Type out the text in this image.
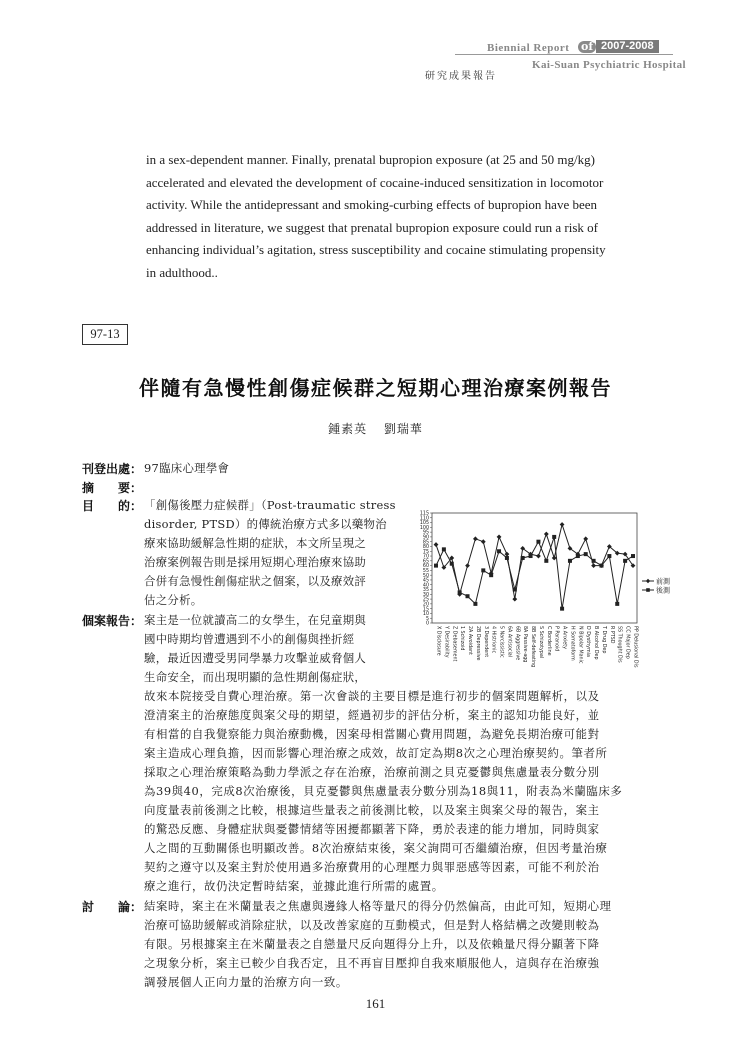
Biennial Report of 2007-2008
Kai-Suan Psychiatric Hospital
研究成果報告

in a sex-dependent manner. Finally, prenatal bupropion exposure (at 25 and 50 mg/kg)

accelerated and elevated the development of cocaine-induced sensitization in locomotor

activity. While the antidepressant and smoking-curbing effects of bupropion have been

addressed in literature, we suggest that prenatal bupropion exposure could run a risk of

enhancing individual’s agitation, stress susceptibility and cocaine stimulating propensity

in adulthood..

97-13
伴隨有急慢性創傷症候群之短期心理治療案例報告
鍾素英 劉瑞華
刊登出處： 97臨床心理學會
摘　　要：
目　　的： 「創傷後壓力症候群」（Post-traumatic stress
disorder, PTSD）的傳統治療方式多以藥物治
療來協助緩解急性期的症狀，本文所呈現之
治療案例報告則是採用短期心理治療來協助
合併有急慢性創傷症狀之個案，以及療效評
估之分析。
個案報告： 案主是一位就讀高二的女學生，在兒童期與
國中時期均曾遭遇到不小的創傷與挫折經
驗，最近因遭受男同學暴力攻擊並威脅個人
生命安全，而出現明顯的急性期創傷症狀，
故來本院接受自費心理治療。第一次會談的主要目標是進行初步的個案問題解析，以及
澄清案主的治療態度與案父母的期望，經過初步的評估分析，案主的認知功能良好，並
有相當的自我覺察能力與治療動機，因案母相當關心費用問題，為避免長期治療可能對
案主造成心理負擔，因而影響心理治療之成效，故訂定為期8次之心理治療契約。筆者所
採取之心理治療策略為動力學派之存在治療，治療前測之貝克憂鬱與焦慮量表分數分別
為39與40，完成8次治療後，貝克憂鬱與焦慮量表分數分別為18與11，附表為米蘭臨床多
向度量表前後測之比較，根據這些量表之前後測比較，以及案主與案父母的報告，案主
的驚恐反應、身體症狀與憂鬱情緒等困擾都顯著下降，勇於表達的能力增加，同時與家
人之間的互動關係也明顯改善。8次治療結束後，案父詢問可否繼續治療，但因考量治療
契約之遵守以及案主對於使用過多治療費用的心理壓力與罪惡感等因素，可能不利於治
療之進行，故仍決定暫時結案，並據此進行所需的處置。
討　　論： 結案時，案主在米蘭量表之焦慮與邊緣人格等量尺的得分仍然偏高，由此可知，短期心理
治療可協助緩解或消除症狀，以及改善家庭的互動模式，但是對人格結構之改變則較為
有限。另根據案主在米蘭量表之自戀量尺反向題得分上升，以及依賴量尺得分顯著下降
之現象分析，案主已較少自我否定，且不再盲目壓抑自我來順服他人，這與存在治療強
調發展個人正向力量的治療方向一致。
0
5
10
15
20
25
30
35
40
45
50
55
60
65
70
75
80
85
90
95
100
105
110
115
X Disclosure Y Desirability Z Debasement 1 Schizoid 2A Avoidant 2B Depressive 3 Dependent 4 Histrionic 5 Narcissistic 6A Antisocial 6B Aggressive 8A Passive-agg 8B Self-defeating S Schizotypal C Borderline P Paranoid A Anxiety H Somatoform N Bipolar Manic D Dysthymia B Alcohol Dep T Drug Dep R PTSD SS Thought Dis CC Major Dep PP Delusional Dis
前測
後測
161
